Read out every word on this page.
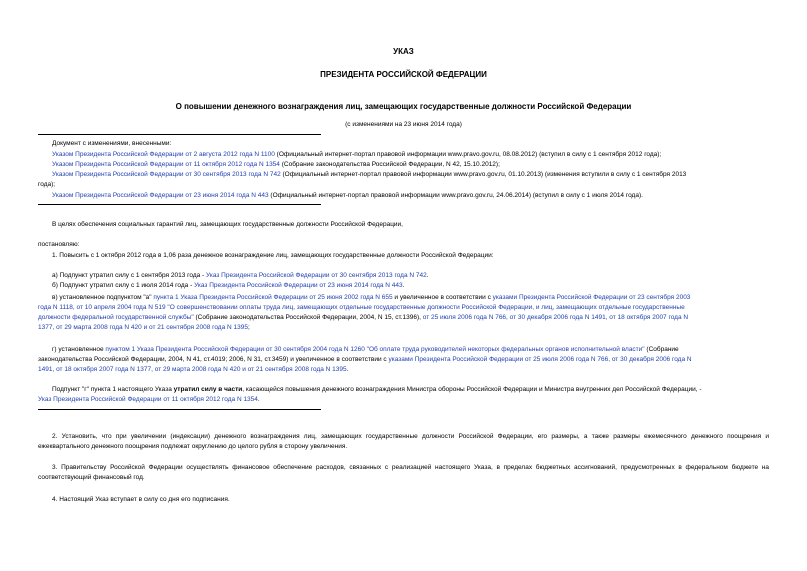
УКАЗ
ПРЕЗИДЕНТА РОССИЙСКОЙ ФЕДЕРАЦИИ
О повышении денежного вознаграждения лиц, замещающих государственные должности Российской Федерации
(с изменениями на 23 июня 2014 года)
Документ с изменениями, внесенными:
Указом Президента Российской Федерации от 2 августа 2012 года N 1100 (Официальный интернет-портал правовой информации www.pravo.gov.ru, 08.08.2012) (вступил в силу с 1 сентября 2012 года);
Указом Президента Российской Федерации от 11 октября 2012 года N 1354 (Собрание законодательства Российской Федерации, N 42, 15.10.2012);
Указом Президента Российской Федерации от 30 сентября 2013 года N 742 (Официальный интернет-портал правовой информации www.pravo.gov.ru, 01.10.2013) (изменения вступили в силу с 1 сентября 2013
года);
Указом Президента Российской Федерации от 23 июня 2014 года N 443 (Официальный интернет-портал правовой информации www.pravo.gov.ru, 24.06.2014) (вступил в силу с 1 июля 2014 года).
В целях обеспечения социальных гарантий лиц, замещающих государственные должности Российской Федерации,
постановляю:
1. Повысить с 1 октября 2012 года в 1,06 раза денежное вознаграждение лиц, замещающих государственные должности Российской Федерации:
а) Подпункт утратил силу с 1 сентября 2013 года - Указ Президента Российской Федерации от 30 сентября 2013 года N 742.
б) Подпункт утратил силу с 1 июля 2014 года - Указ Президента Российской Федерации от 23 июня 2014 года N 443.
в) установленное подпунктом "а" пункта 1 Указа Президента Российской Федерации от 25 июня 2002 года N 655 и увеличенное в соответствии с указами Президента Российской Федерации от 23 сентября 2003
года N 1118, от 10 апреля 2004 года N 519 "О совершенствовании оплаты труда лиц, замещающих отдельные государственные должности Российской Федерации, и лиц, замещающих отдельные государственные
должности федеральной государственной службы" (Собрание законодательства Российской Федерации, 2004, N 15, ст.1396), от 25 июля 2006 года N 766, от 30 декабря 2006 года N 1491, от 18 октября 2007 года N
1377, от 29 марта 2008 года N 420 и от 21 сентября 2008 года N 1395;
г) установленное пунктом 1 Указа Президента Российской Федерации от 30 сентября 2004 года N 1260 "Об оплате труда руководителей некоторых федеральных органов исполнительной власти" (Собрание
законодательства Российской Федерации, 2004, N 41, ст.4019; 2006, N 31, ст.3459) и увеличенное в соответствии с указами Президента Российской Федерации от 25 июля 2006 года N 766, от 30 декабря 2006 года N
1491, от 18 октября 2007 года N 1377, от 29 марта 2008 года N 420 и от 21 сентября 2008 года N 1395.
Подпункт "г" пункта 1 настоящего Указа утратил силу в части, касающейся повышения денежного вознаграждения Министра обороны Российской Федерации и Министра внутренних дел Российской Федерации, -
Указ Президента Российской Федерации от 11 октября 2012 года N 1354.
2. Установить, что при увеличении (индексации) денежного вознаграждения лиц, замещающих государственные должности Российской Федерации, его размеры, а также размеры ежемесячного денежного поощрения и ежеквартального денежного поощрения подлежат округлению до целого рубля в сторону увеличения.
3. Правительству Российской Федерации осуществлять финансовое обеспечение расходов, связанных с реализацией настоящего Указа, в пределах бюджетных ассигнований, предусмотренных в федеральном бюджете на соответствующий финансовый год.
4. Настоящий Указ вступает в силу со дня его подписания.
